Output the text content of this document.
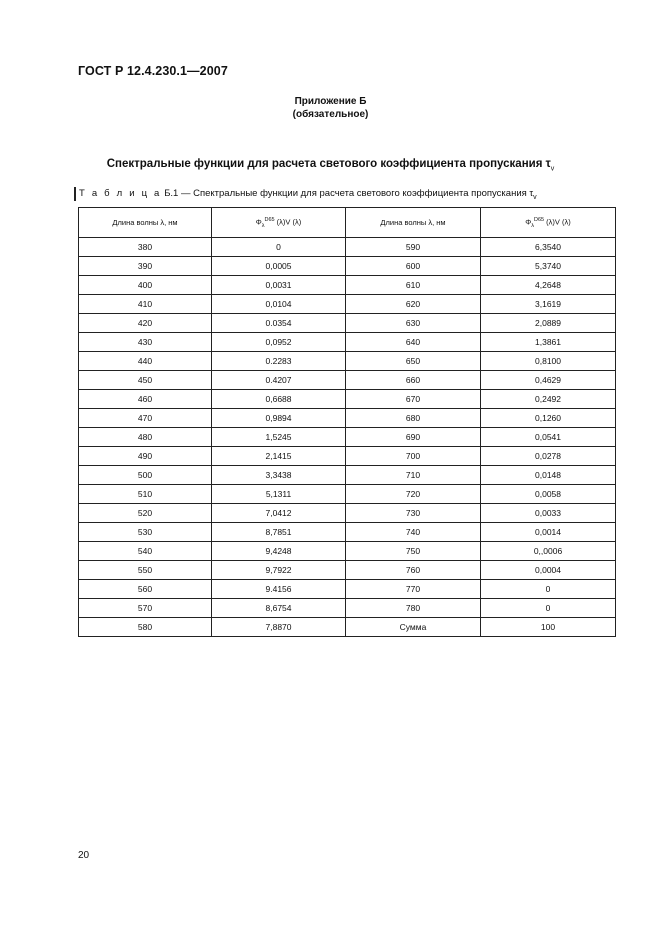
ГОСТ Р 12.4.230.1—2007
Приложение Б
(обязательное)
Спектральные функции для расчета светового коэффициента пропускания $\tau_v$
Т а б л и ц а Б.1 — Спектральные функции для расчета светового коэффициента пропускания $\tau_v$
Длина волны λ, нм	$\Phi_\lambda^{D65}$ (λ)V (λ)	Длина волны λ, нм	$\Phi_\lambda^{D65}$ (λ)V (λ)
380	0	590	6,3540
390	0,0005	600	5,3740
400	0,0031	610	4,2648
410	0,0104	620	3,1619
420	0.0354	630	2,0889
430	0,0952	640	1,3861
440	0.2283	650	0,8100
450	0.4207	660	0,4629
460	0,6688	670	0,2492
470	0,9894	680	0,1260
480	1,5245	690	0,0541
490	2,1415	700	0,0278
500	3,3438	710	0,0148
510	5,1311	720	0,0058
520	7,0412	730	0,0033
530	8,7851	740	0,0014
540	9,4248	750	0,,0006
550	9,7922	760	0,0004
560	9.4156	770	0
570	8,6754	780	0
580	7,8870	Сумма	100
20
